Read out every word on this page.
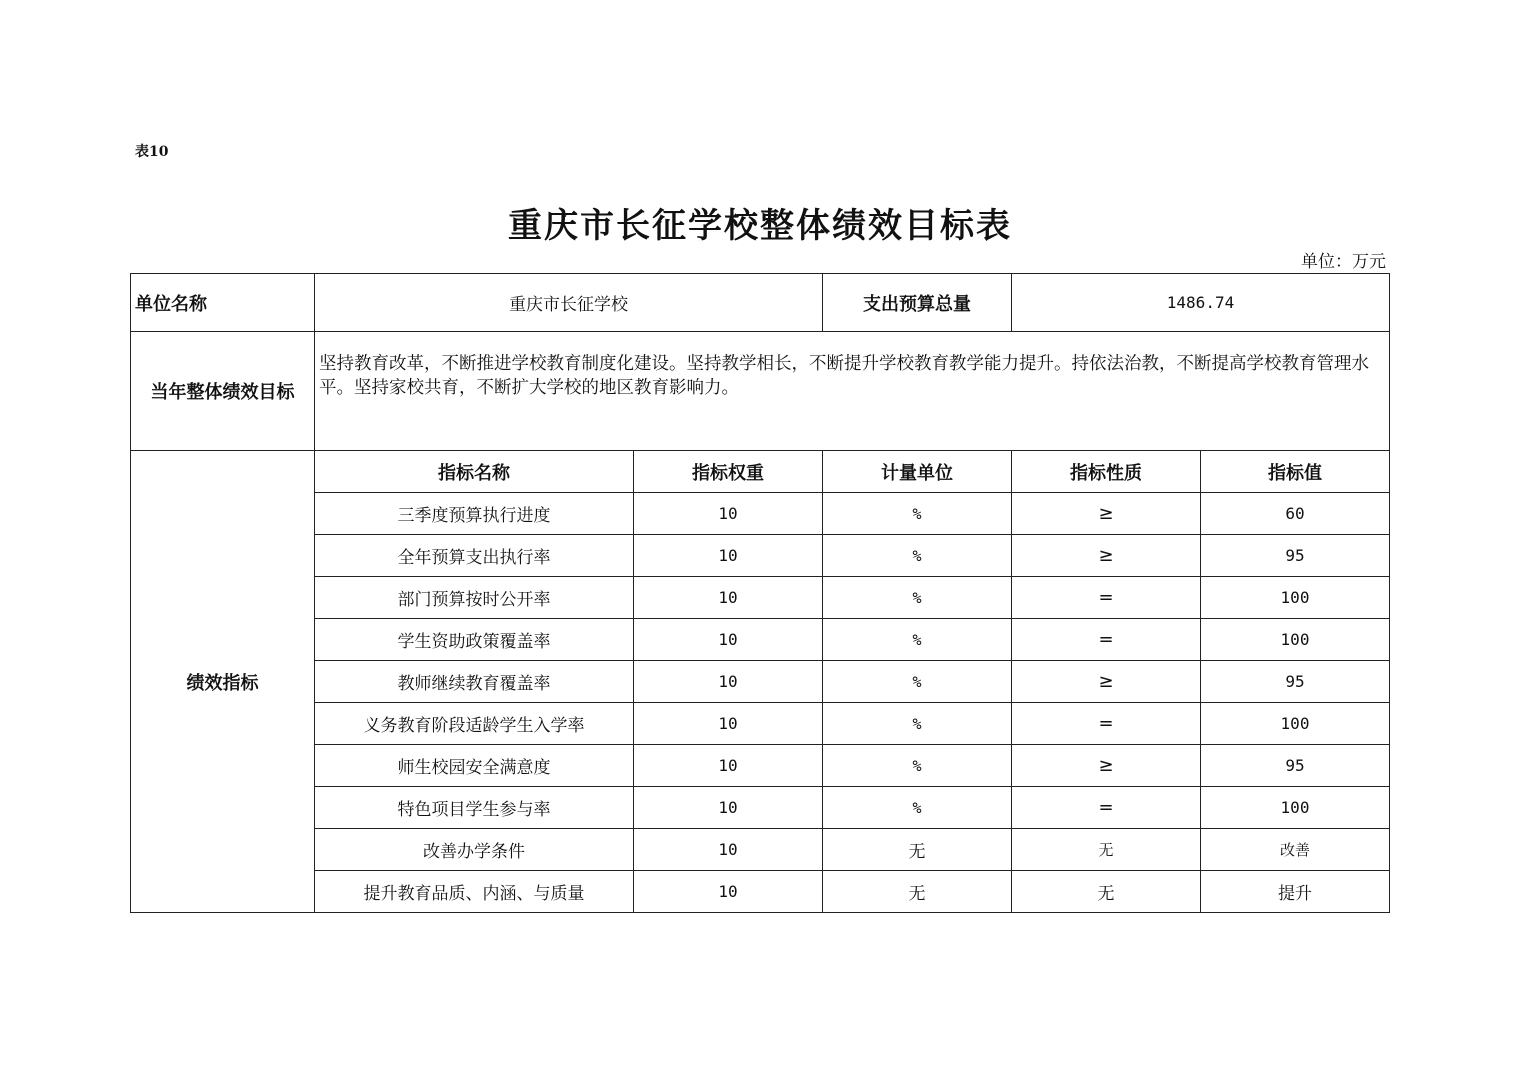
表10
重庆市长征学校整体绩效目标表
单位：万元
单位名称	重庆市长征学校		支出预算总量	1486.74	
当年整体绩效目标	坚持教育改革，不断推进学校教育制度化建设。坚持教学相长，不断提升学校教育教学能力提升。持依法治教，不断提高学校教育管理水平。坚持家校共育，不断扩大学校的地区教育影响力。				
绩效指标	指标名称	指标权重	计量单位	指标性质	指标值
	三季度预算执行进度	10	%	≥	60
	全年预算支出执行率	10	%	≥	95
	部门预算按时公开率	10	%	=	100
	学生资助政策覆盖率	10	%	=	100
	教师继续教育覆盖率	10	%	≥	95
	义务教育阶段适龄学生入学率	10	%	=	100
	师生校园安全满意度	10	%	≥	95
	特色项目学生参与率	10	%	=	100
	改善办学条件	10	无	无	改善
	提升教育品质、内涵、与质量	10	无	无	提升
